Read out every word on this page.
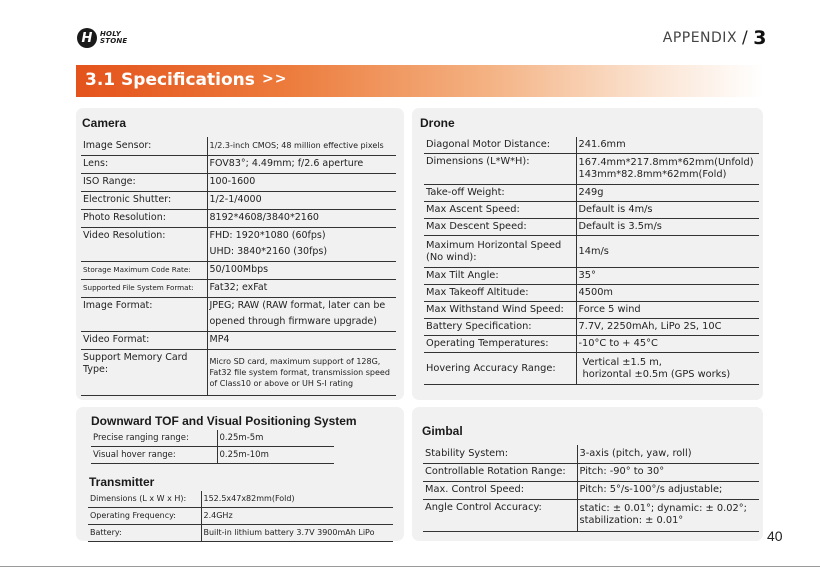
H	HOLY
STONE	APPENDIX / 3
3.1 Specifications >>
Camera
Image Sensor:	1/2.3-inch CMOS; 48 million effective pixels
Lens:	FOV83°; 4.49mm; f/2.6 aperture
ISO Range:	100-1600
Electronic Shutter:	1/2-1/4000
Photo Resolution:	8192*4608/3840*2160
Video Resolution:	FHD: 1920*1080 (60fps)
UHD: 3840*2160 (30fps)

Storage Maximum Code Rate:	50/100Mbps
Supported File System Format:	Fat32; exFat
Image Format:	JPEG; RAW (RAW format, later can be
opened through firmware upgrade)

Video Format:	MP4
Support Memory Card Type:	Micro SD card, maximum support of 128G, Fat32 file system format, transmission speed of Class10 or above or UH S-I rating
Drone
Diagonal Motor Distance:	241.6mm
Dimensions (L*W*H):	167.4mm*217.8mm*62mm(Unfold)
143mm*82.8mm*62mm(Fold)

Take-off Weight:	249g
Max Ascent Speed:	Default is 4m/s
Max Descent Speed:	Default is 3.5m/s
Maximum Horizontal Speed (No wind):	14m/s
Max Tilt Angle:	35°
Max Takeoff Altitude:	4500m
Max Withstand Wind Speed:	Force 5 wind
Battery Specification:	7.7V, 2250mAh, LiPo 2S, 10C
Operating Temperatures:	-10°C to + 45°C
Hovering Accuracy Range:	Vertical ±1.5 m,
horizontal ±0.5m (GPS works)
Downward TOF and Visual Positioning System
Precise ranging range:	0.25m-5m
Visual hover range:	0.25m-10m
Transmitter
Dimensions (L x W x H):	152.5x47x82mm(Fold)
Operating Frequency:	2.4GHz
Battery:	Built-in lithium battery 3.7V 3900mAh LiPo
Gimbal
Stability System:	3-axis (pitch, yaw, roll)
Controllable Rotation Range:	Pitch: -90° to 30°
Max. Control Speed:	Pitch: 5°/s-100°/s adjustable;
Angle Control Accuracy:	static: ± 0.01°; dynamic: ± 0.02°;
stabilization: ± 0.01°
40
